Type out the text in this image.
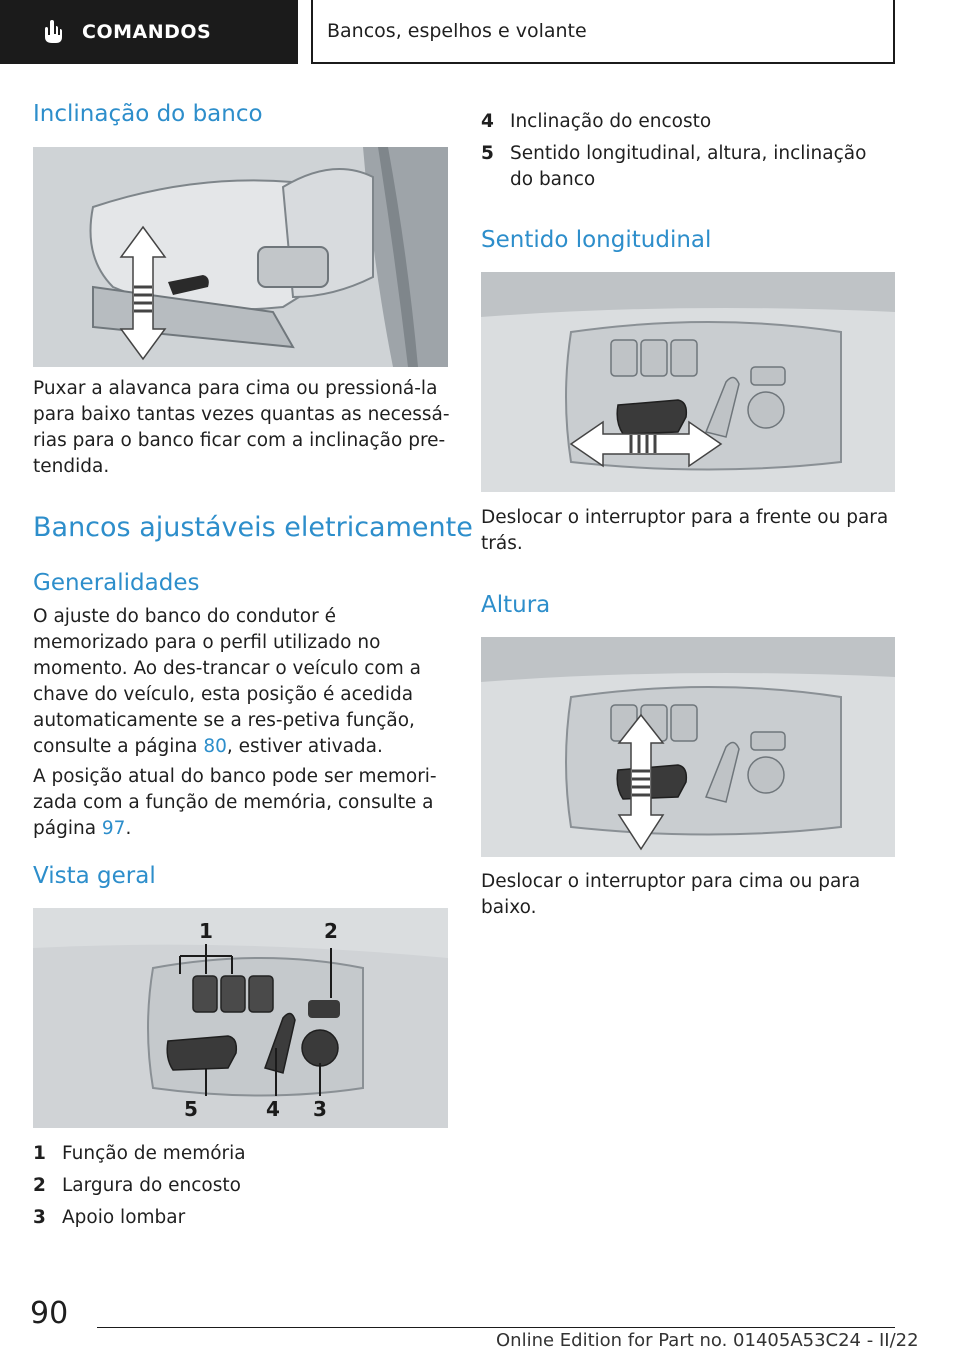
COMANDOS	Bancos, espelhos e volante
Inclinação do banco
Puxar a alavanca para cima ou pressioná-la para baixo tantas vezes quantas as necessá-rias para o banco ficar com a inclinação pre-tendida.
Bancos ajustáveis eletricamente
Generalidades
O ajuste do banco do condutor é memorizado para o perfil utilizado no momento. Ao des-trancar o veículo com a chave do veículo, esta posição é acedida automaticamente se a res-petiva função, consulte a página 80, estiver ativada.
A posição atual do banco pode ser memori-zada com a função de memória, consulte a página 97.
Vista geral
1	2
5	4 3
1 Função de memória
2 Largura do encosto
3 Apoio lombar
4 Inclinação do encosto
5 Sentido longitudinal, altura, inclinação do banco
Sentido longitudinal
Deslocar o interruptor para a frente ou para trás.
Altura
Deslocar o interruptor para cima ou para baixo.
90
Online Edition for Part no. 01405A53C24 - II/22
